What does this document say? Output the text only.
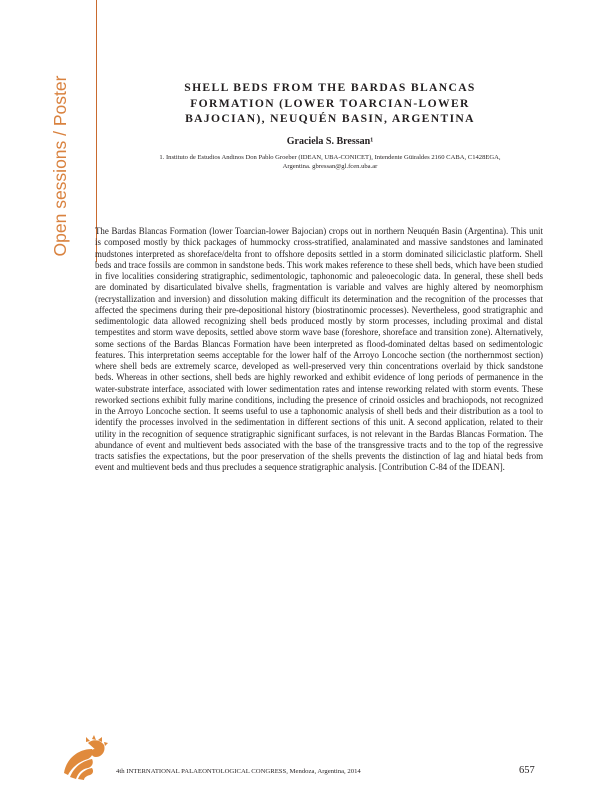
Open sessions / Poster	SHELL BEDS FROM THE BARDAS BLANCAS FORMATION (LOWER TOARCIAN-LOWER BAJOCIAN), NEUQUÉN BASIN, ARGENTINA
Graciela S. Bressan¹
1. Instituto de Estudios Andinos Don Pablo Groeber (IDEAN, UBA-CONICET), Intendente Güiraldes 2160 CABA, C1428EGA, Argentina. gbressan@gl.fcen.uba.ar

The Bardas Blancas Formation (lower Toarcian-lower Bajocian) crops out in northern Neuquén Basin (Argentina). This unit is composed mostly by thick packages of hummocky cross-stratified, analaminated and massive sandstones and laminated mudstones interpreted as shoreface/delta front to offshore deposits settled in a storm dominated siliciclastic platform. Shell beds and trace fossils are common in sandstone beds. This work makes reference to these shell beds, which have been studied in five localities considering stratigraphic, sedimentologic, taphonomic and paleoecologic data. In general, these shell beds are dominated by disarticulated bivalve shells, fragmentation is variable and valves are highly altered by neomorphism (recrystallization and inversion) and dissolution making difficult its determination and the recognition of the processes that affected the specimens during their pre-depositional history (biostratinomic processes). Nevertheless, good stratigraphic and sedimentologic data allowed recognizing shell beds produced mostly by storm processes, including proximal and distal tempestites and storm wave deposits, settled above storm wave base (foreshore, shoreface and transition zone). Alternatively, some sections of the Bardas Blancas Formation have been interpreted as flood-dominated deltas based on sedimentologic features. This interpretation seems acceptable for the lower half of the Arroyo Loncoche section (the northernmost section) where shell beds are extremely scarce, developed as well-preserved very thin concentrations overlaid by thick sandstone beds. Whereas in other sections, shell beds are highly reworked and exhibit evidence of long periods of permanence in the water-substrate interface, associated with lower sedimentation rates and intense reworking related with storm events. These reworked sections exhibit fully marine conditions, including the presence of crinoid ossicles and brachiopods, not recognized in the Arroyo Loncoche section. It seems useful to use a taphonomic analysis of shell beds and their distribution as a tool to identify the processes involved in the sedimentation in different sections of this unit. A second application, related to their utility in the recognition of sequence stratigraphic significant surfaces, is not relevant in the Bardas Blancas Formation. The abundance of event and multievent beds associated with the base of the transgressive tracts and to the top of the regressive tracts satisfies the expectations, but the poor preservation of the shells prevents the distinction of lag and hiatal beds from event and multievent beds and thus precludes a sequence stratigraphic analysis. [Contribution C-84 of the IDEAN].

4th INTERNATIONAL PALAEONTOLOGICAL CONGRESS, Mendoza, Argentina, 2014	657
